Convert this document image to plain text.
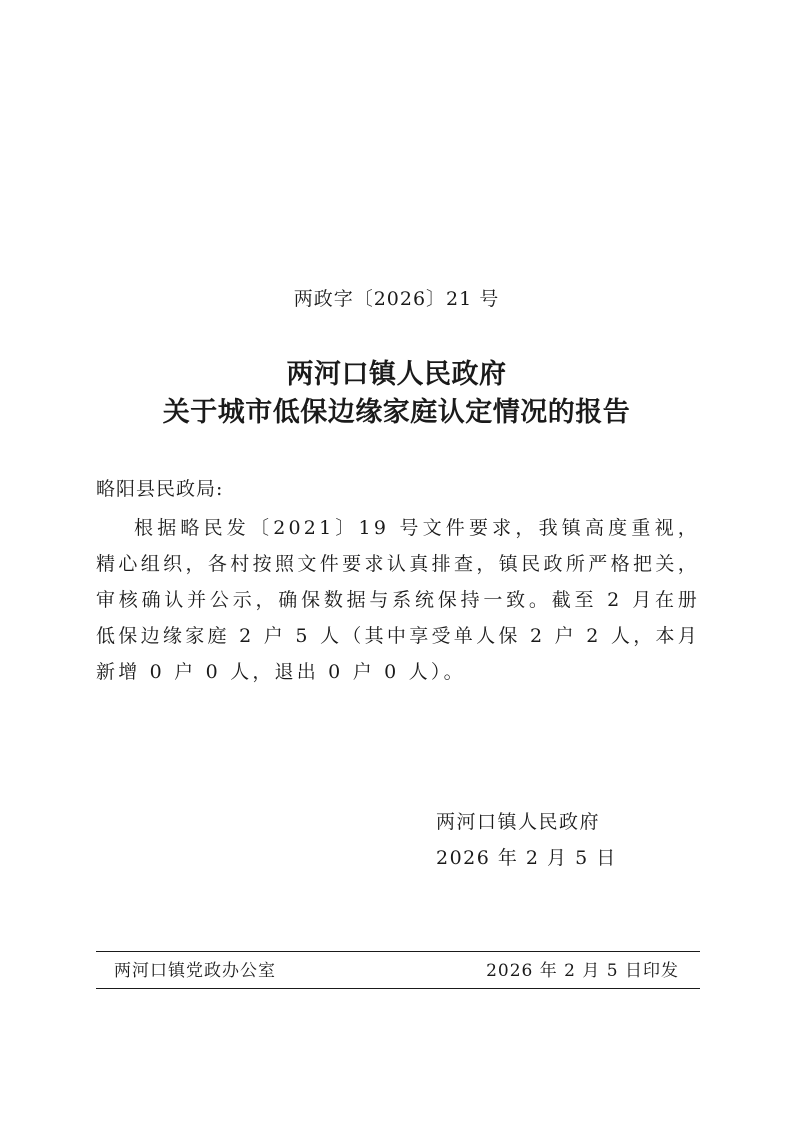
两政字〔2026〕21 号

两河口镇人民政府
关于城市低保边缘家庭认定情况的报告

略阳县民政局:

根据略民发〔2021〕19 号文件要求，我镇高度重视，精心组织，各村按照文件要求认真排查，镇民政所严格把关，审核确认并公示，确保数据与系统保持一致。截至 2 月在册低保边缘家庭 2 户 5 人（其中享受单人保 2 户 2 人，本月新增 0 户 0 人，退出 0 户 0 人）。

两河口镇人民政府
2026 年 2 月 5 日
两河口镇党政办公室	2026 年 2 月 5 日印发
